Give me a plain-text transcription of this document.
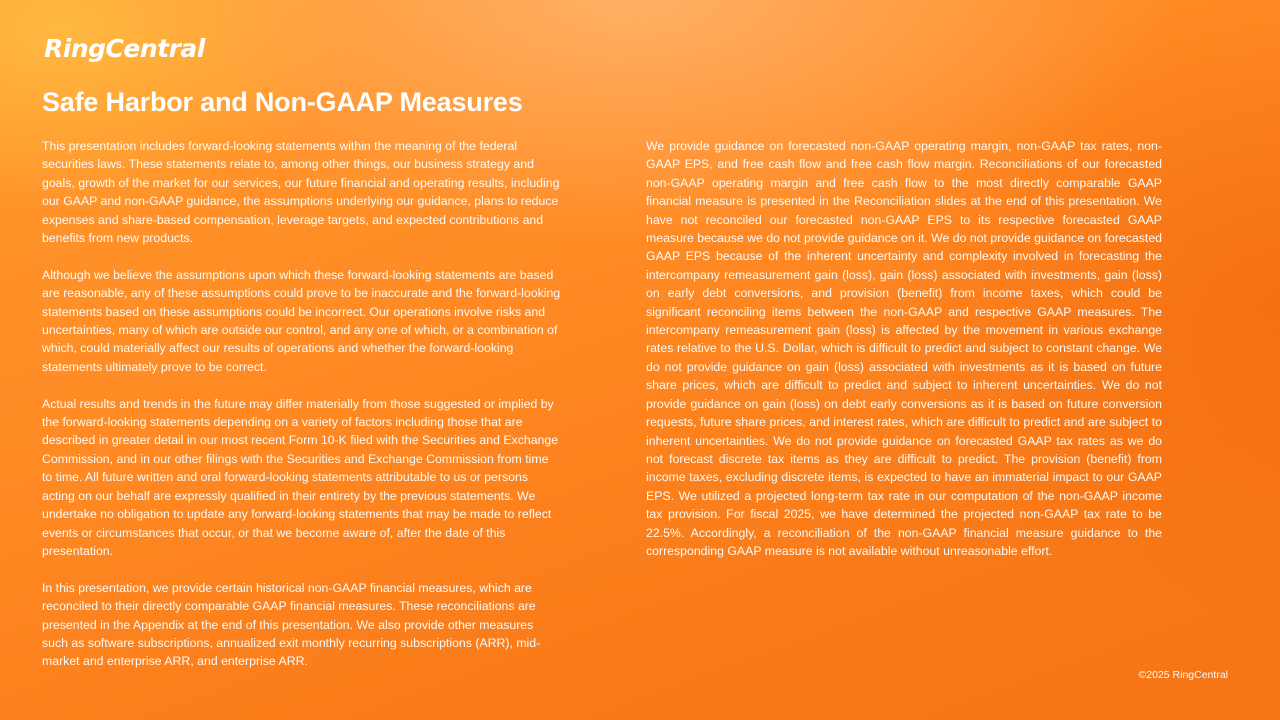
RingCentral
Safe Harbor and Non-GAAP Measures

This presentation includes forward-looking statements within the meaning of the federal securities laws. These statements relate to, among other things, our business strategy and goals, growth of the market for our services, our future financial and operating results, including our GAAP and non-GAAP guidance, the assumptions underlying our guidance, plans to reduce expenses and share-based compensation, leverage targets, and expected contributions and benefits from new products.

Although we believe the assumptions upon which these forward-looking statements are based are reasonable, any of these assumptions could prove to be inaccurate and the forward-looking statements based on these assumptions could be incorrect. Our operations involve risks and uncertainties, many of which are outside our control, and any one of which, or a combination of which, could materially affect our results of operations and whether the forward-looking statements ultimately prove to be correct.

Actual results and trends in the future may differ materially from those suggested or implied by the forward-looking statements depending on a variety of factors including those that are described in greater detail in our most recent Form 10-K filed with the Securities and Exchange Commission, and in our other filings with the Securities and Exchange Commission from time to time. All future written and oral forward-looking statements attributable to us or persons acting on our behalf are expressly qualified in their entirety by the previous statements. We undertake no obligation to update any forward-looking statements that may be made to reflect events or circumstances that occur, or that we become aware of, after the date of this presentation.

In this presentation, we provide certain historical non-GAAP financial measures, which are reconciled to their directly comparable GAAP financial measures. These reconciliations are presented in the Appendix at the end of this presentation. We also provide other measures such as software subscriptions, annualized exit monthly recurring subscriptions (ARR), mid-market and enterprise ARR, and enterprise ARR.

We provide guidance on forecasted non-GAAP operating margin, non-GAAP tax rates, non-GAAP EPS, and free cash flow and free cash flow margin. Reconciliations of our forecasted non-GAAP operating margin and free cash flow to the most directly comparable GAAP financial measure is presented in the Reconciliation slides at the end of this presentation. We have not reconciled our forecasted non-GAAP EPS to its respective forecasted GAAP measure because we do not provide guidance on it. We do not provide guidance on forecasted GAAP EPS because of the inherent uncertainty and complexity involved in forecasting the intercompany remeasurement gain (loss), gain (loss) associated with investments, gain (loss) on early debt conversions, and provision (benefit) from income taxes, which could be significant reconciling items between the non-GAAP and respective GAAP measures. The intercompany remeasurement gain (loss) is affected by the movement in various exchange rates relative to the U.S. Dollar, which is difficult to predict and subject to constant change. We do not provide guidance on gain (loss) associated with investments as it is based on future share prices, which are difficult to predict and subject to inherent uncertainties. We do not provide guidance on gain (loss) on debt early conversions as it is based on future conversion requests, future share prices, and interest rates, which are difficult to predict and are subject to inherent uncertainties. We do not provide guidance on forecasted GAAP tax rates as we do not forecast discrete tax items as they are difficult to predict. The provision (benefit) from income taxes, excluding discrete items, is expected to have an immaterial impact to our GAAP EPS. We utilized a projected long-term tax rate in our computation of the non-GAAP income tax provision. For fiscal 2025, we have determined the projected non-GAAP tax rate to be 22.5%. Accordingly, a reconciliation of the non-GAAP financial measure guidance to the corresponding GAAP measure is not available without unreasonable effort.

©2025 RingCentral
